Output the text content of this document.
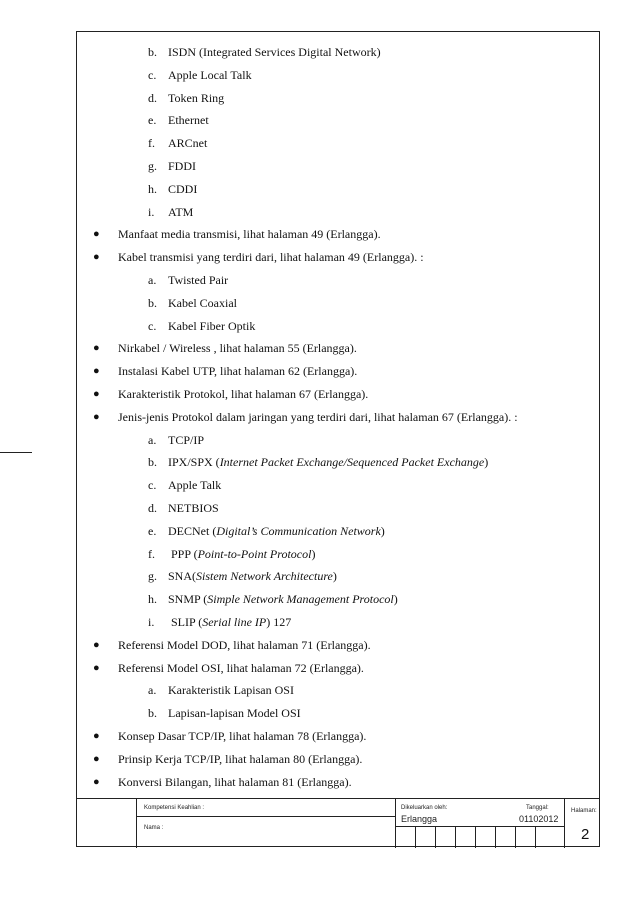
b. ISDN (Integrated Services Digital Network)
c. Apple Local Talk
d. Token Ring
e. Ethernet
f. ARCnet
g. FDDI
h. CDDI
i. ATM
● Manfaat media transmisi, lihat halaman 49 (Erlangga).
● Kabel transmisi yang terdiri dari, lihat halaman 49 (Erlangga). :
a. Twisted Pair
b. Kabel Coaxial
c. Kabel Fiber Optik
● Nirkabel / Wireless , lihat halaman 55 (Erlangga).
● Instalasi Kabel UTP, lihat halaman 62 (Erlangga).
● Karakteristik Protokol, lihat halaman 67 (Erlangga).
● Jenis-jenis Protokol dalam jaringan yang terdiri dari, lihat halaman 67 (Erlangga). :
a. TCP/IP
b. IPX/SPX (Internet Packet Exchange/Sequenced Packet Exchange)
c. Apple Talk
d. NETBIOS
e. DECNet (Digital’s Communication Network)
f. PPP (Point-to-Point Protocol)
g. SNA(Sistem Network Architecture)
h. SNMP (Simple Network Management Protocol)
i. SLIP (Serial line IP) 127
● Referensi Model DOD, lihat halaman 71 (Erlangga).
● Referensi Model OSI, lihat halaman 72 (Erlangga).
a. Karakteristik Lapisan OSI
b. Lapisan-lapisan Model OSI
● Konsep Dasar TCP/IP, lihat halaman 78 (Erlangga).
● Prinsip Kerja TCP/IP, lihat halaman 80 (Erlangga).
● Konversi Bilangan, lihat halaman 81 (Erlangga).
Kompetensi Keahlian :
Nama :
Dikeluarkan oleh:
Erlangga
Tanggal:
01102012
Halaman:
2
